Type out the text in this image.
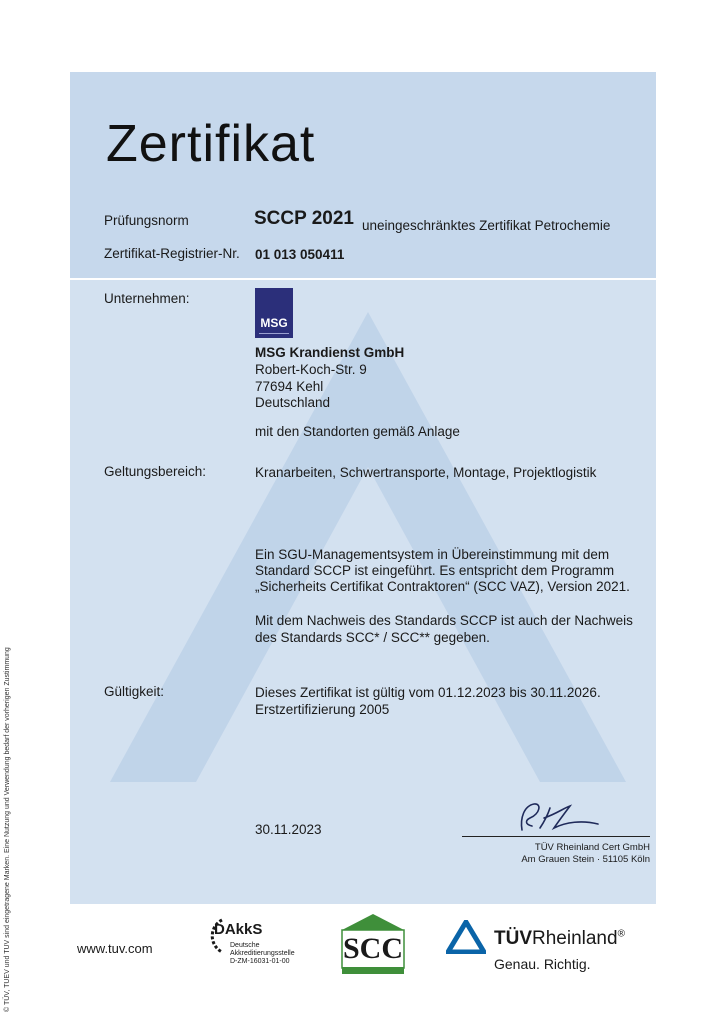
© TÜV, TUEV und TUV sind eingetragene Marken. Eine Nutzung und Verwendung bedarf der vorherigen Zustimmung
Zertifikat
Prüfungsnorm	SCCP 2021 uneingeschränktes Zertifikat Petrochemie
Zertifikat-Registrier-Nr. 01 013 050411
Unternehmen:
MSG
MSG Krandienst GmbH
Robert-Koch-Str. 9
77694 Kehl
Deutschland
mit den Standorten gemäß Anlage
Geltungsbereich:	Kranarbeiten, Schwertransporte, Montage, Projektlogistik
Ein SGU-Managementsystem in Übereinstimmung mit dem
Standard SCCP ist eingeführt. Es entspricht dem Programm
„Sicherheits Certifikat Contraktoren“ (SCC VAZ), Version 2021.
Mit dem Nachweis des Standards SCCP ist auch der Nachweis
des Standards SCC* / SCC** gegeben.
Gültigkeit:	Dieses Zertifikat ist gültig vom 01.12.2023 bis 30.11.2026.
Erstzertifizierung 2005
30.11.2023
TÜV Rheinland Cert GmbH
Am Grauen Stein · 51105 Köln
www.tuv.com
DAkkS
Deutsche
Akkreditierungsstelle
D-ZM-16031-01-00 SCC	TÜVRheinland®
Genau. Richtig.
